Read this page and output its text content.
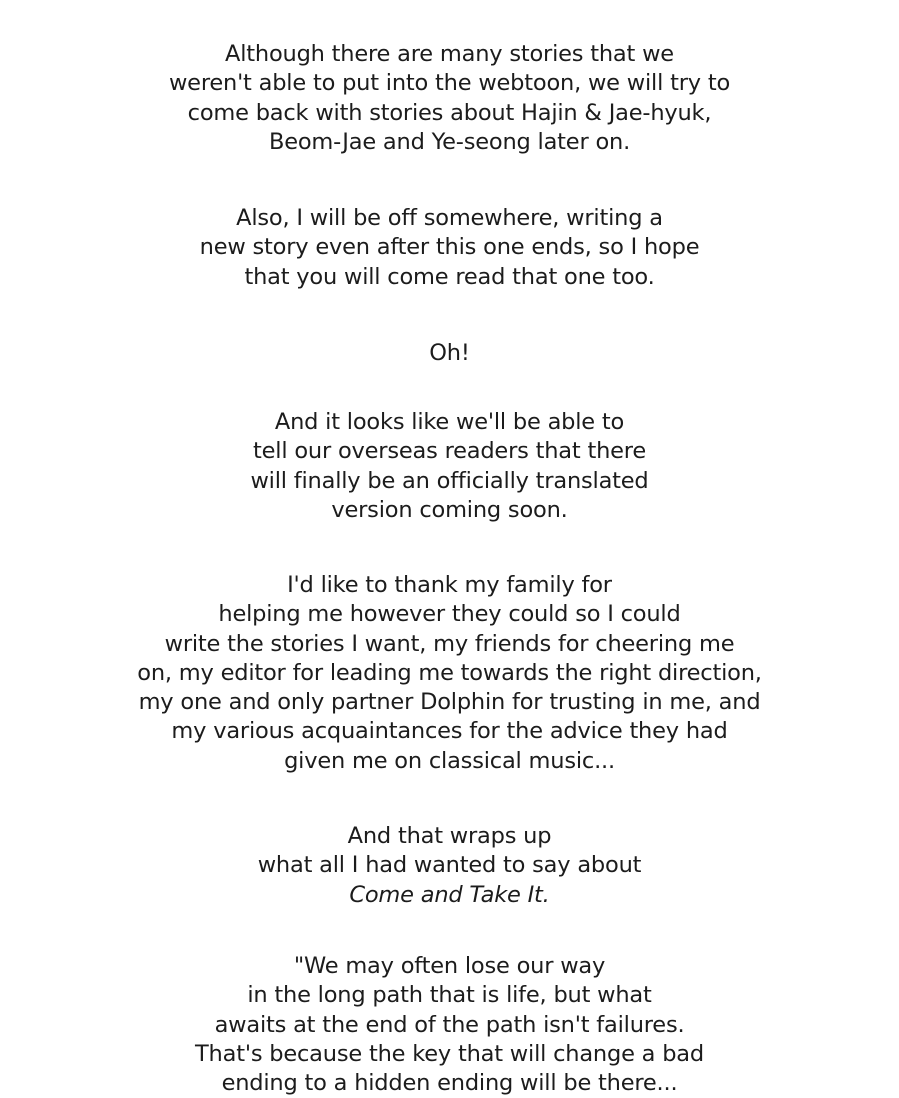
Although there are many stories that we
weren't able to put into the webtoon, we will try to
come back with stories about Hajin & Jae-hyuk,
Beom-Jae and Ye-seong later on.
Also, I will be off somewhere, writing a
new story even after this one ends, so I hope
that you will come read that one too.
Oh!
And it looks like we'll be able to
tell our overseas readers that there
will finally be an officially translated
version coming soon.
I'd like to thank my family for
helping me however they could so I could
write the stories I want, my friends for cheering me
on, my editor for leading me towards the right direction,
my one and only partner Dolphin for trusting in me, and
my various acquaintances for the advice they had
given me on classical music...
And that wraps up
what all I had wanted to say about
Come and Take It.
"We may often lose our way
in the long path that is life, but what
awaits at the end of the path isn't failures.
That's because the key that will change a bad
ending to a hidden ending will be there...
